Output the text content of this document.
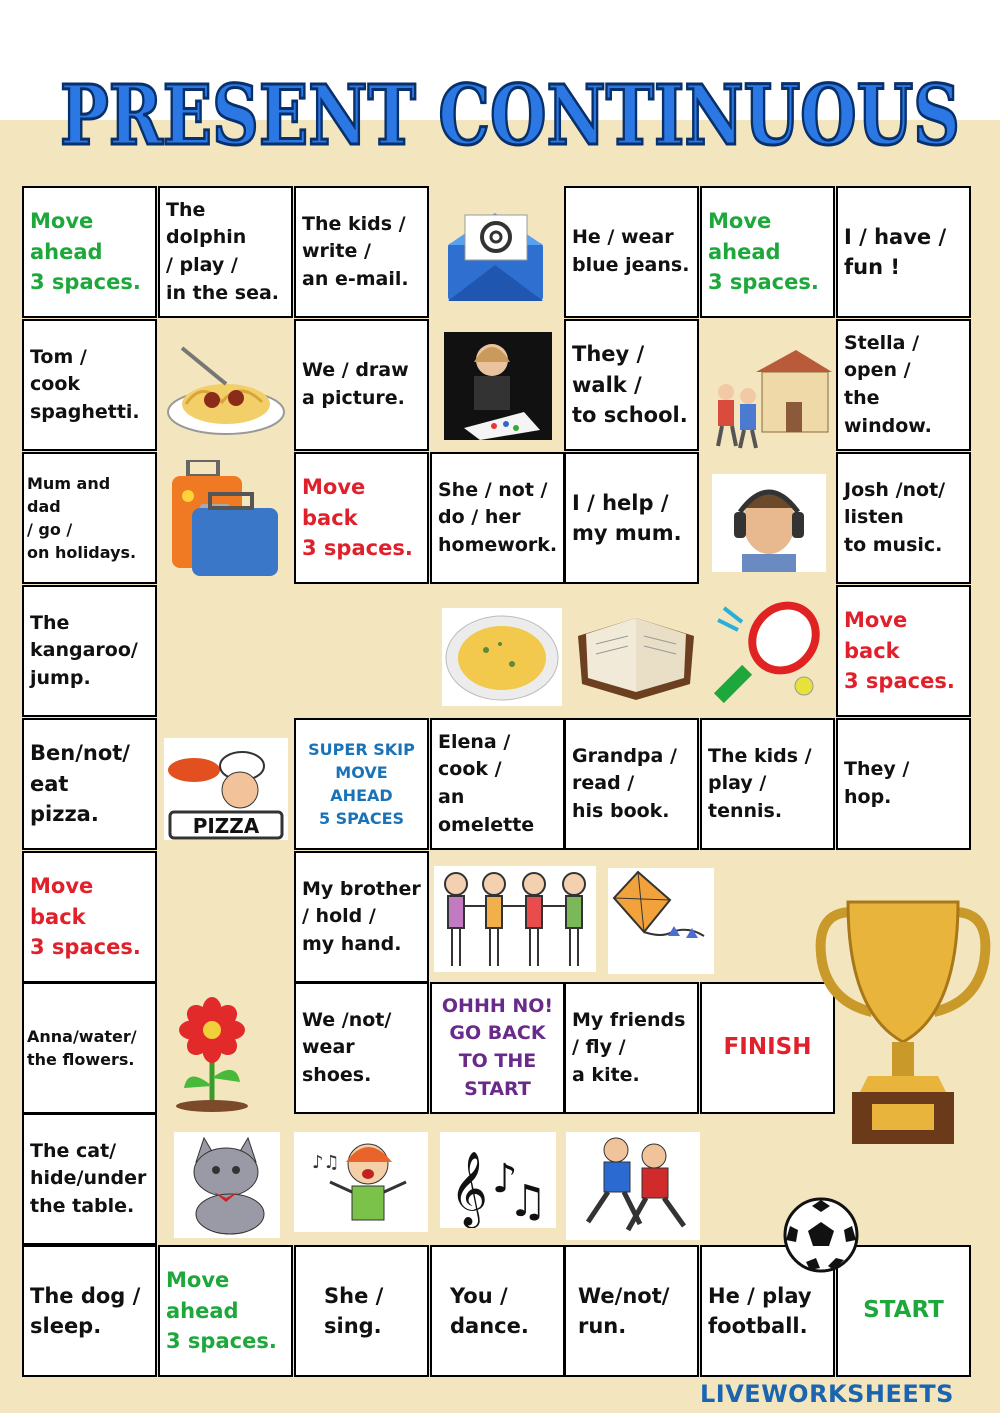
PRESENT CONTINUOUS
Move
ahead
3 spaces.
The dolphin
/ play /
in the sea.
The kids /
write /
an e-mail.
He / wear
blue jeans.
Move
ahead
3 spaces.
I / have /
fun !
Tom /
cook
spaghetti.
We / draw
a picture.
They /
walk /
to school.
Stella /
open /
the window.
Mum and dad
/ go /
on holidays.
Move
back
3 spaces.
She / not /
do / her
homework.
I / help /
my mum.
Josh /not/
listen
to music.
The
kangaroo/
jump.
Move
back
3 spaces.
Ben/not/
eat
pizza.
SUPER SKIP
MOVE
AHEAD
5 SPACES
Elena /
cook /
an omelette
Grandpa /
read /
his book.
The kids /
play /
tennis.
They / hop.
Move
back
3 spaces.
My brother
/ hold /
my hand.
Anna/water/
the flowers.
We /not/
wear
shoes.
OHHH NO!
GO BACK
TO THE
START
My friends
/ fly /
a kite.
FINISH
The cat/
hide/under
the table.
The dog /
sleep.
Move
ahead
3 spaces.
She /
sing.
You /
dance.
We/not/
run.
He / play
football.
START
PIZZA
♪♫ 𝄞 ♪
♫
LIVEWORKSHEETS
